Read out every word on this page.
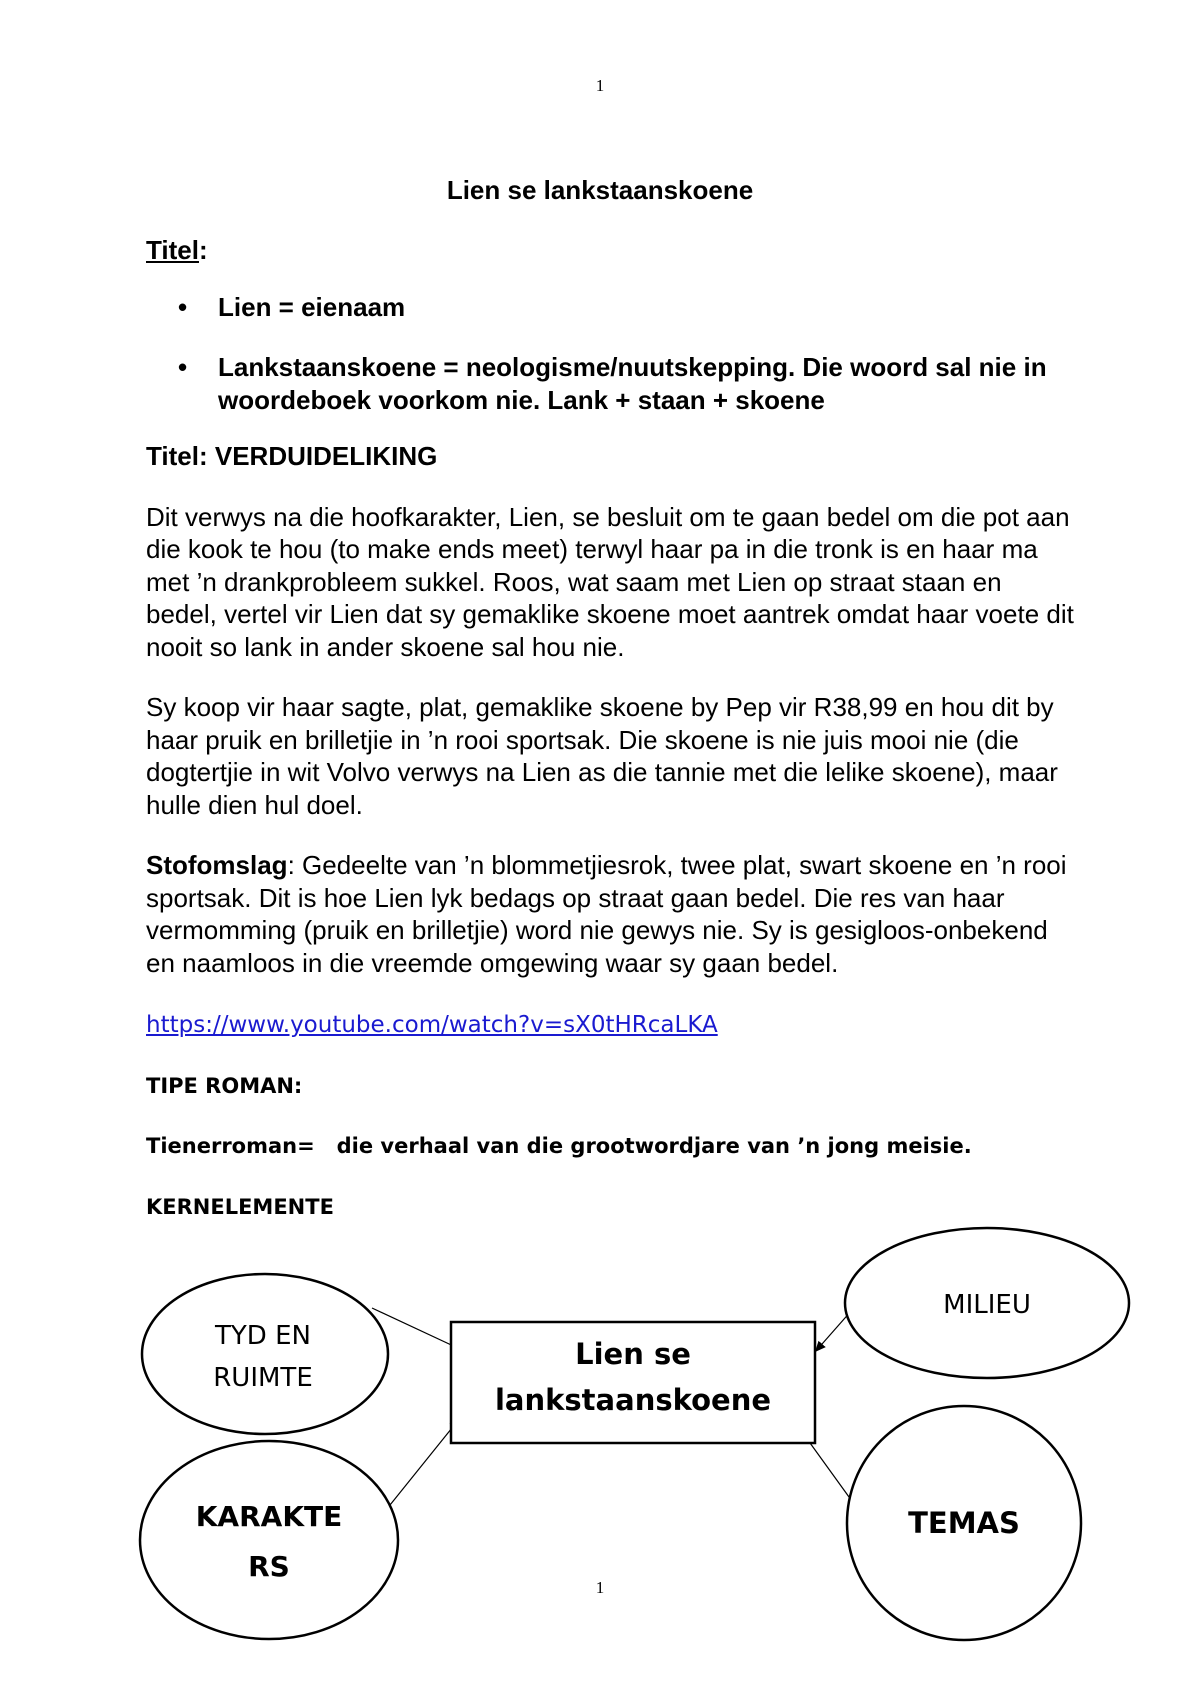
1
Lien se lankstaanskoene

Titel:

• Lien = eienaam
• Lankstaanskoene = neologisme/nuutskepping. Die woord sal nie in woordeboek voorkom nie. Lank + staan + skoene

Titel: VERDUIDELIKING

Dit verwys na die hoofkarakter, Lien, se besluit om te gaan bedel om die pot aan die kook te hou (to make ends meet) terwyl haar pa in die tronk is en haar ma met ’n drankprobleem sukkel. Roos, wat saam met Lien op straat staan en bedel, vertel vir Lien dat sy gemaklike skoene moet aantrek omdat haar voete dit nooit so lank in ander skoene sal hou nie.

Sy koop vir haar sagte, plat, gemaklike skoene by Pep vir R38,99 en hou dit by haar pruik en brilletjie in ’n rooi sportsak. Die skoene is nie juis mooi nie (die dogtertjie in wit Volvo verwys na Lien as die tannie met die lelike skoene), maar hulle dien hul doel.

Stofomslag: Gedeelte van ’n blommetjiesrok, twee plat, swart skoene en ’n rooi sportsak. Dit is hoe Lien lyk bedags op straat gaan bedel. Die res van haar vermomming (pruik en brilletjie) word nie gewys nie. Sy is gesigloos-onbekend en naamloos in die vreemde omgewing waar sy gaan bedel.

https://www.youtube.com/watch?v=sX0tHRcaLKA

TIPE ROMAN:

Tienerroman= die verhaal van die grootwordjare van ’n jong meisie.

KERNELEMENTE

Lien se
lankstaanskoene
TYD EN
RUIMTE
MILIEU
KARAKTE
RS
TEMAS
1
